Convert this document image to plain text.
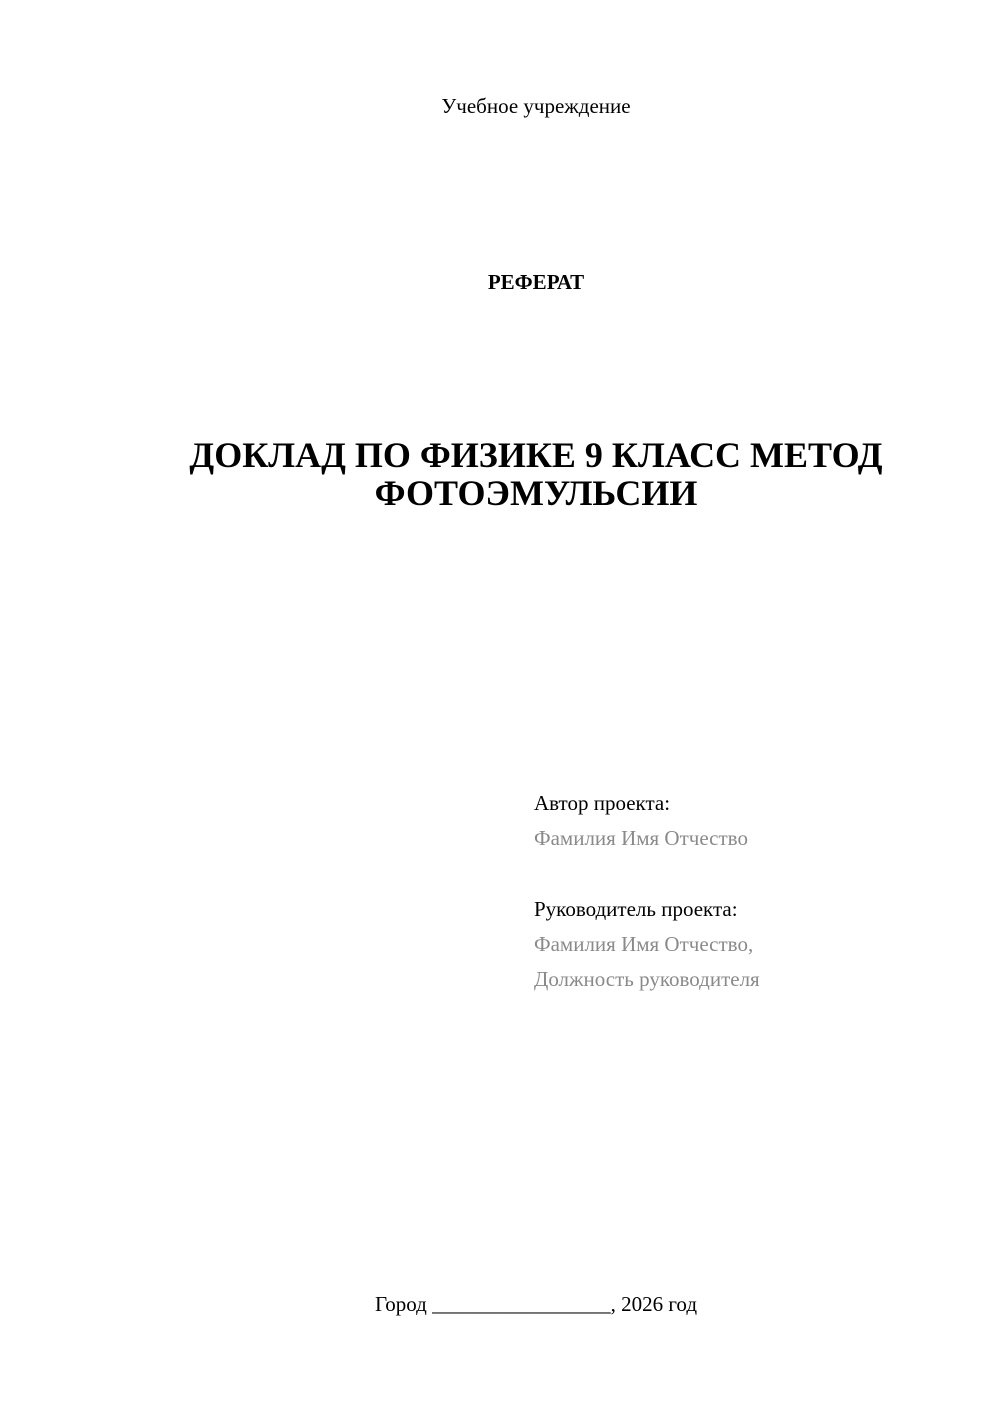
Учебное учреждение
РЕФЕРАТ
ДОКЛАД ПО ФИЗИКЕ 9 КЛАСС МЕТОД ФОТОЭМУЛЬСИИ
Автор проекта:
Фамилия Имя Отчество
Руководитель проекта:
Фамилия Имя Отчество,
Должность руководителя
Город _________________, 2026 год
